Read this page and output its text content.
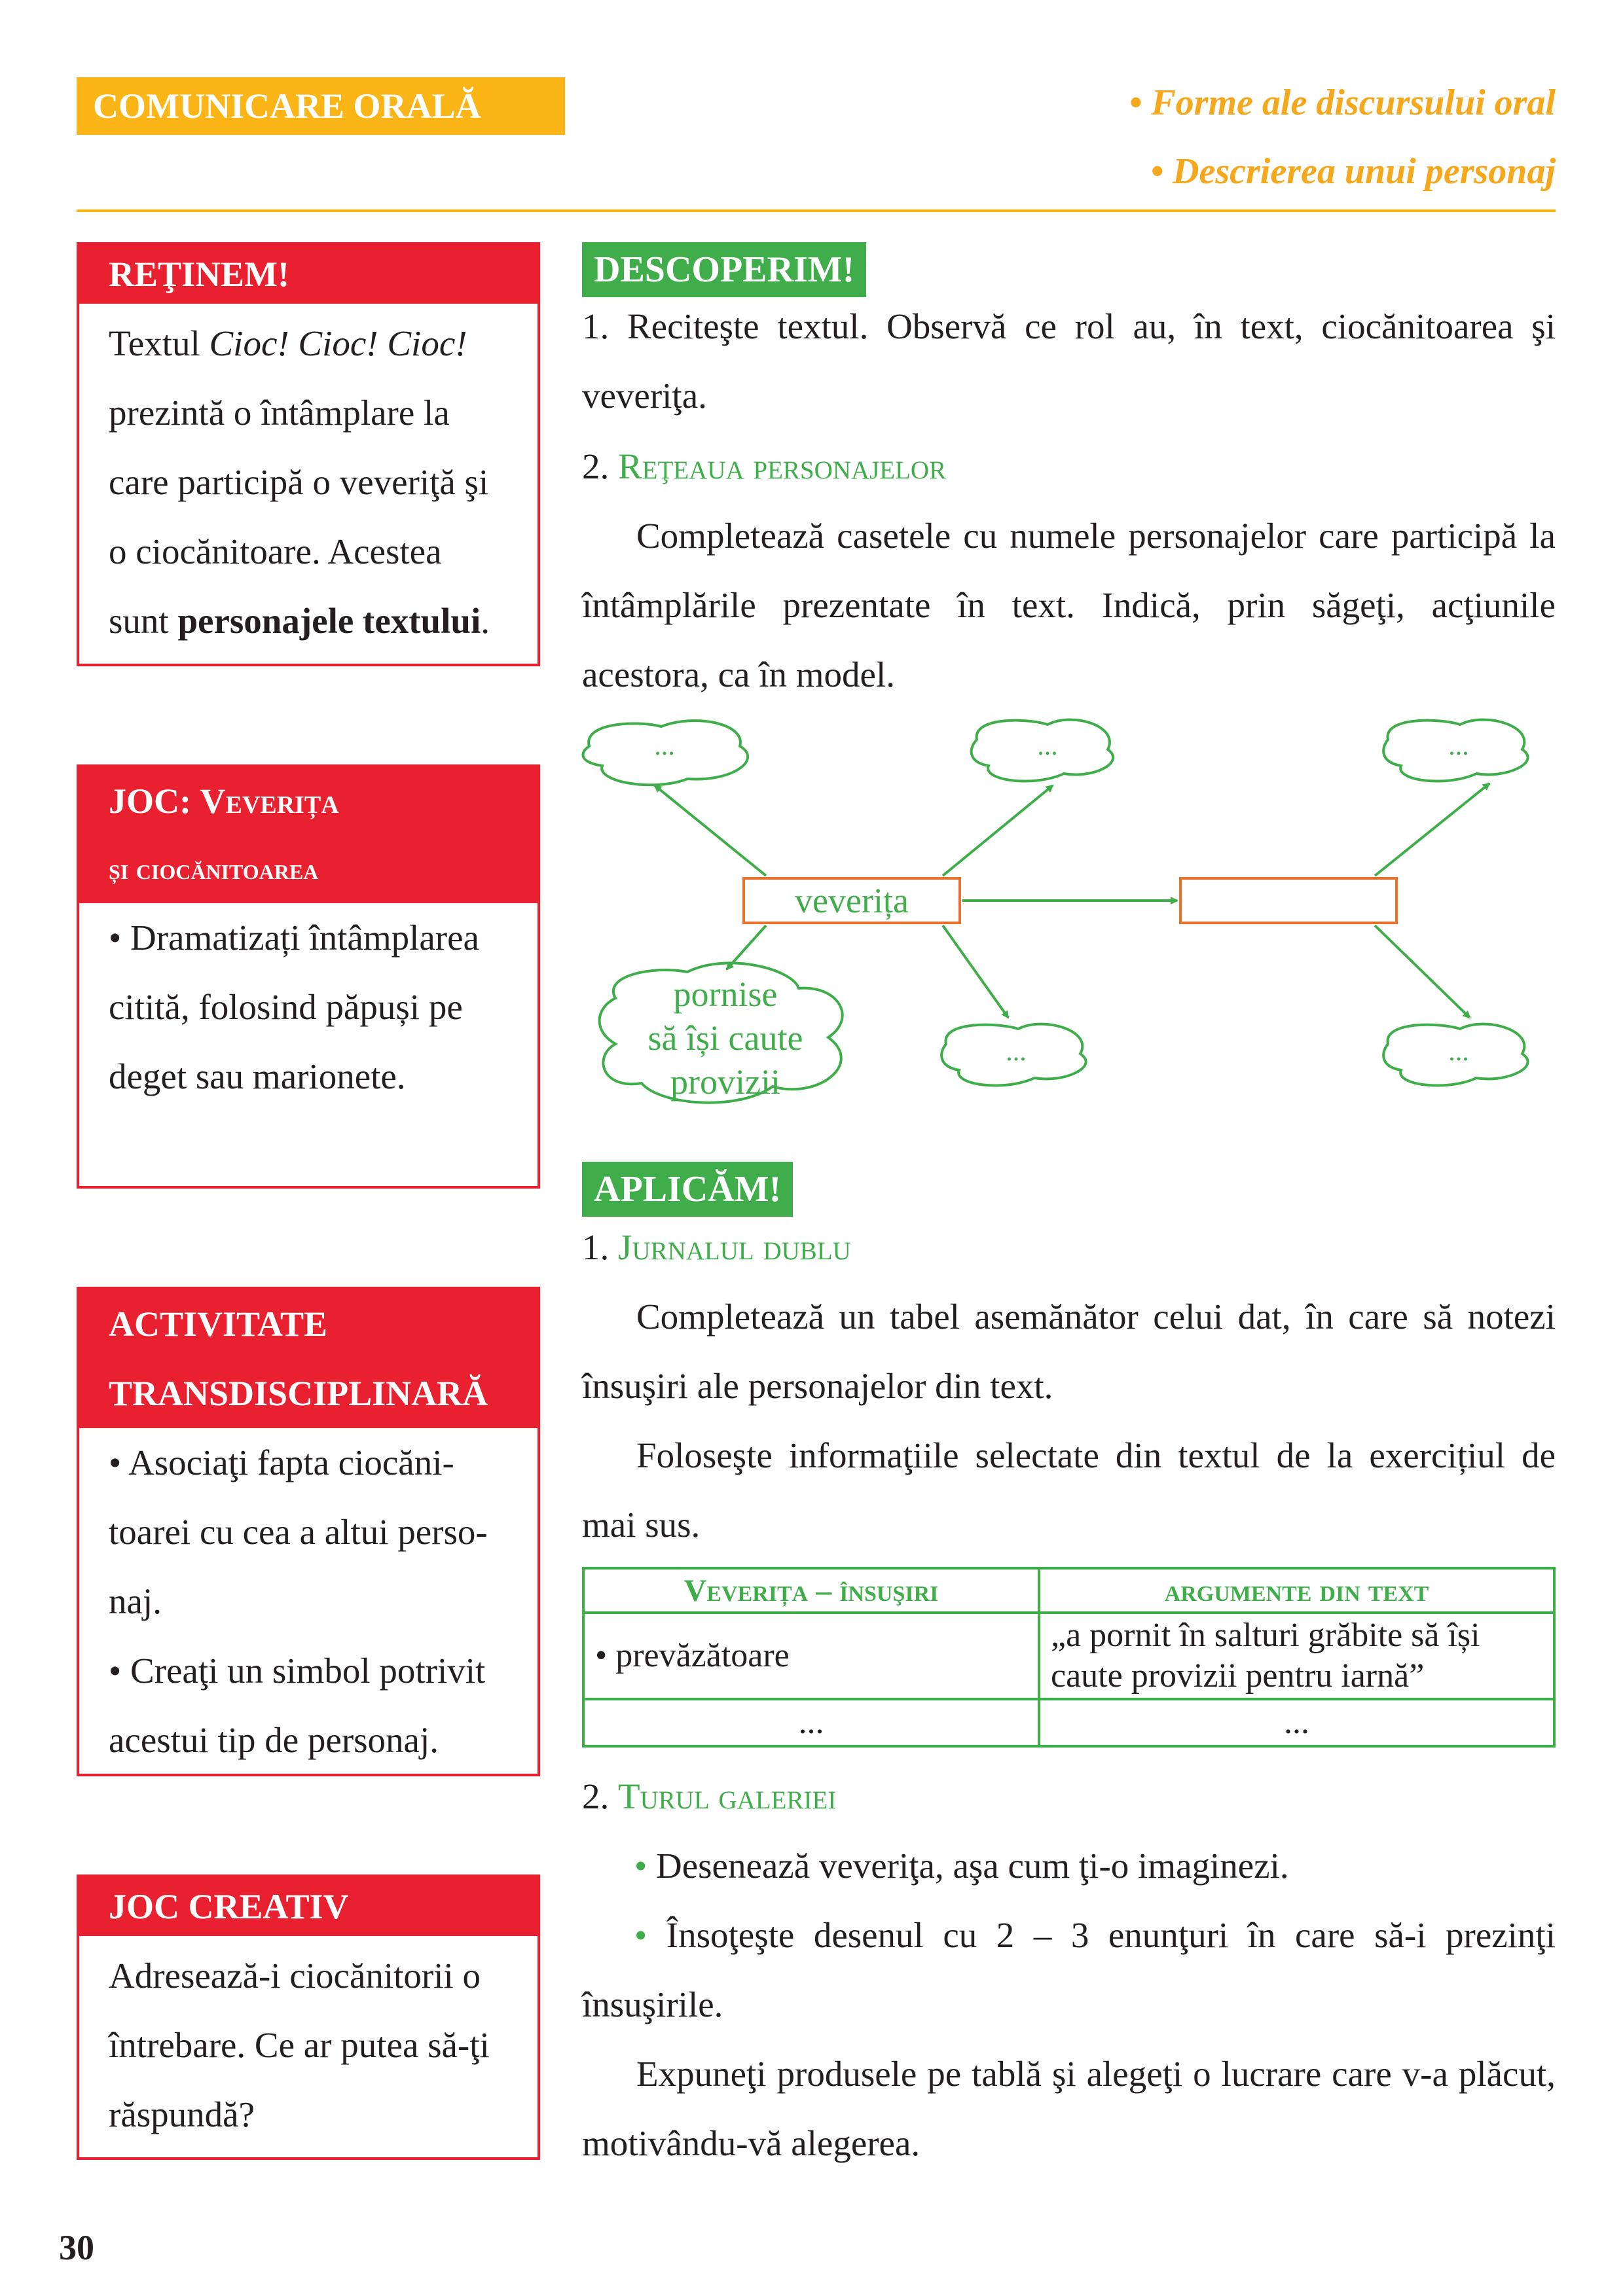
COMUNICARE ORALĂ	• Forme ale discursului oral
• Descrierea unui personaj
REŢINEM!
Textul Cioc! Cioc! Cioc! prezintă o întâmplare la care participă o veveriţă şi o ciocănitoare. Acestea sunt personajele textului.
JOC: Veverița
și ciocănitoarea
• Dramatizați întâmplarea citită, folosind păpuși pe deget sau marionete.
ACTIVITATE TRANSDISCIPLINARĂ
• Asociaţi fapta ciocăni-toarei cu cea a altui perso-naj.
• Creaţi un simbol potrivit acestui tip de personaj.
JOC CREATIV
Adresează-i ciocănitorii o întrebare. Ce ar putea să-ţi răspundă?
DESCOPERIM!
1. Reciteşte textul. Observă ce rol au, în text, ciocănitoarea şi veveriţa.
2. Reţeaua personajelor
Completează casetele cu numele personajelor care participă la întâmplările prezentate în text. Indică, prin săgeţi, acţiunile acestora, ca în model.
veverița
...	...	...
...	...
pornise
să își caute
provizii
APLICĂM!
1. Jurnalul dublu
Completează un tabel asemănător celui dat, în care să notezi însuşiri ale personajelor din text.
Foloseşte informaţiile selectate din textul de la exercițiul de mai sus.
Veverița – însuşiri	argumente din text
• prevăzătoare	„a pornit în salturi grăbite să își caute provizii pentru iarnă”
...	...
2. Turul galeriei
• Desenează veveriţa, aşa cum ţi-o imaginezi.
• Însoţeşte desenul cu 2 – 3 enunţuri în care să-i prezinţi însuşirile.
Expuneţi produsele pe tablă şi alegeţi o lucrare care v-a plăcut, motivându-vă alegerea.
30
